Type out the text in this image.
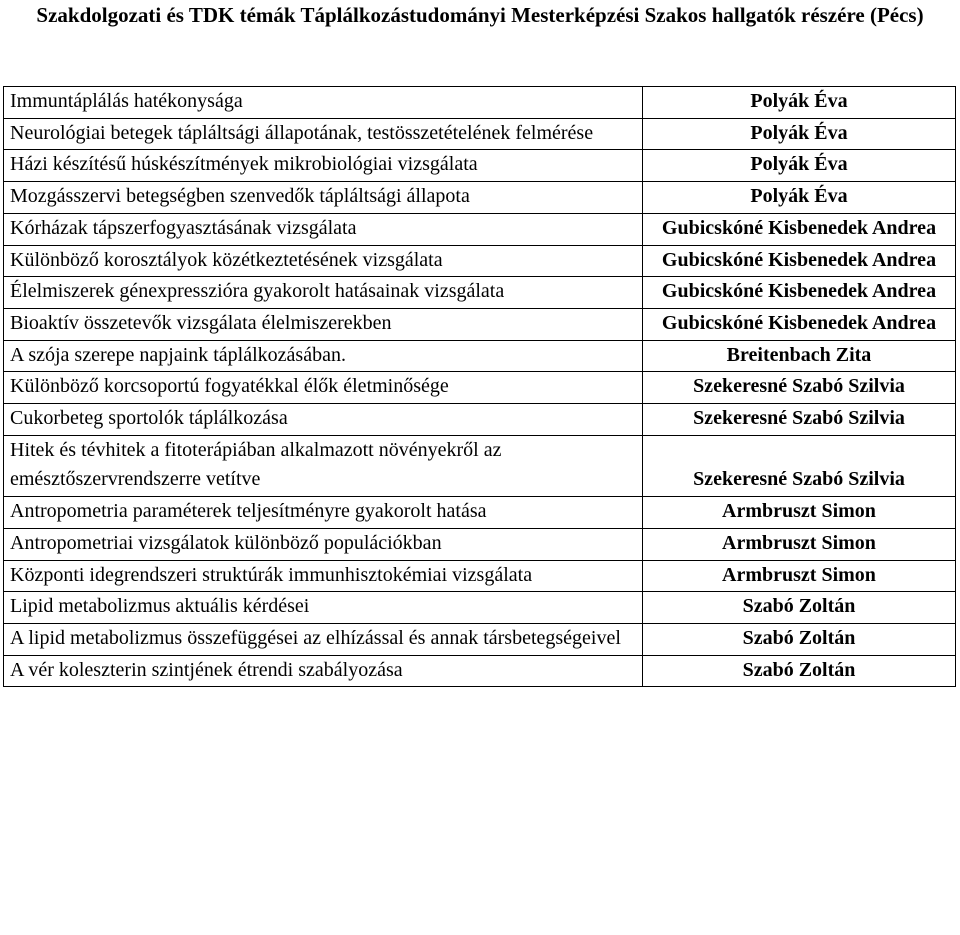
Szakdolgozati és TDK témák Táplálkozástudományi Mesterképzési Szakos hallgatók részére (Pécs)
Immuntáplálás hatékonysága	Polyák Éva
Neurológiai betegek tápláltsági állapotának, testösszetételének felmérése	Polyák Éva
Házi készítésű húskészítmények mikrobiológiai vizsgálata	Polyák Éva
Mozgásszervi betegségben szenvedők tápláltsági állapota	Polyák Éva
Kórházak tápszerfogyasztásának vizsgálata	Gubicskóné Kisbenedek Andrea
Különböző korosztályok közétkeztetésének vizsgálata	Gubicskóné Kisbenedek Andrea
Élelmiszerek génexpresszióra gyakorolt hatásainak vizsgálata	Gubicskóné Kisbenedek Andrea
Bioaktív összetevők vizsgálata élelmiszerekben	Gubicskóné Kisbenedek Andrea
A szója szerepe napjaink táplálkozásában.	Breitenbach Zita
Különböző korcsoportú fogyatékkal élők életminősége	Szekeresné Szabó Szilvia
Cukorbeteg sportolók táplálkozása	Szekeresné Szabó Szilvia
Hitek és tévhitek a fitoterápiában alkalmazott növényekről az emésztőszervrendszerre vetítve	Szekeresné Szabó Szilvia
Antropometria paraméterek teljesítményre gyakorolt hatása	Armbruszt Simon
Antropometriai vizsgálatok különböző populációkban	Armbruszt Simon
Központi idegrendszeri struktúrák immunhisztokémiai vizsgálata	Armbruszt Simon
Lipid metabolizmus aktuális kérdései	Szabó Zoltán
A lipid metabolizmus összefüggései az elhízással és annak társbetegségeivel	Szabó Zoltán
A vér koleszterin szintjének étrendi szabályozása	Szabó Zoltán
